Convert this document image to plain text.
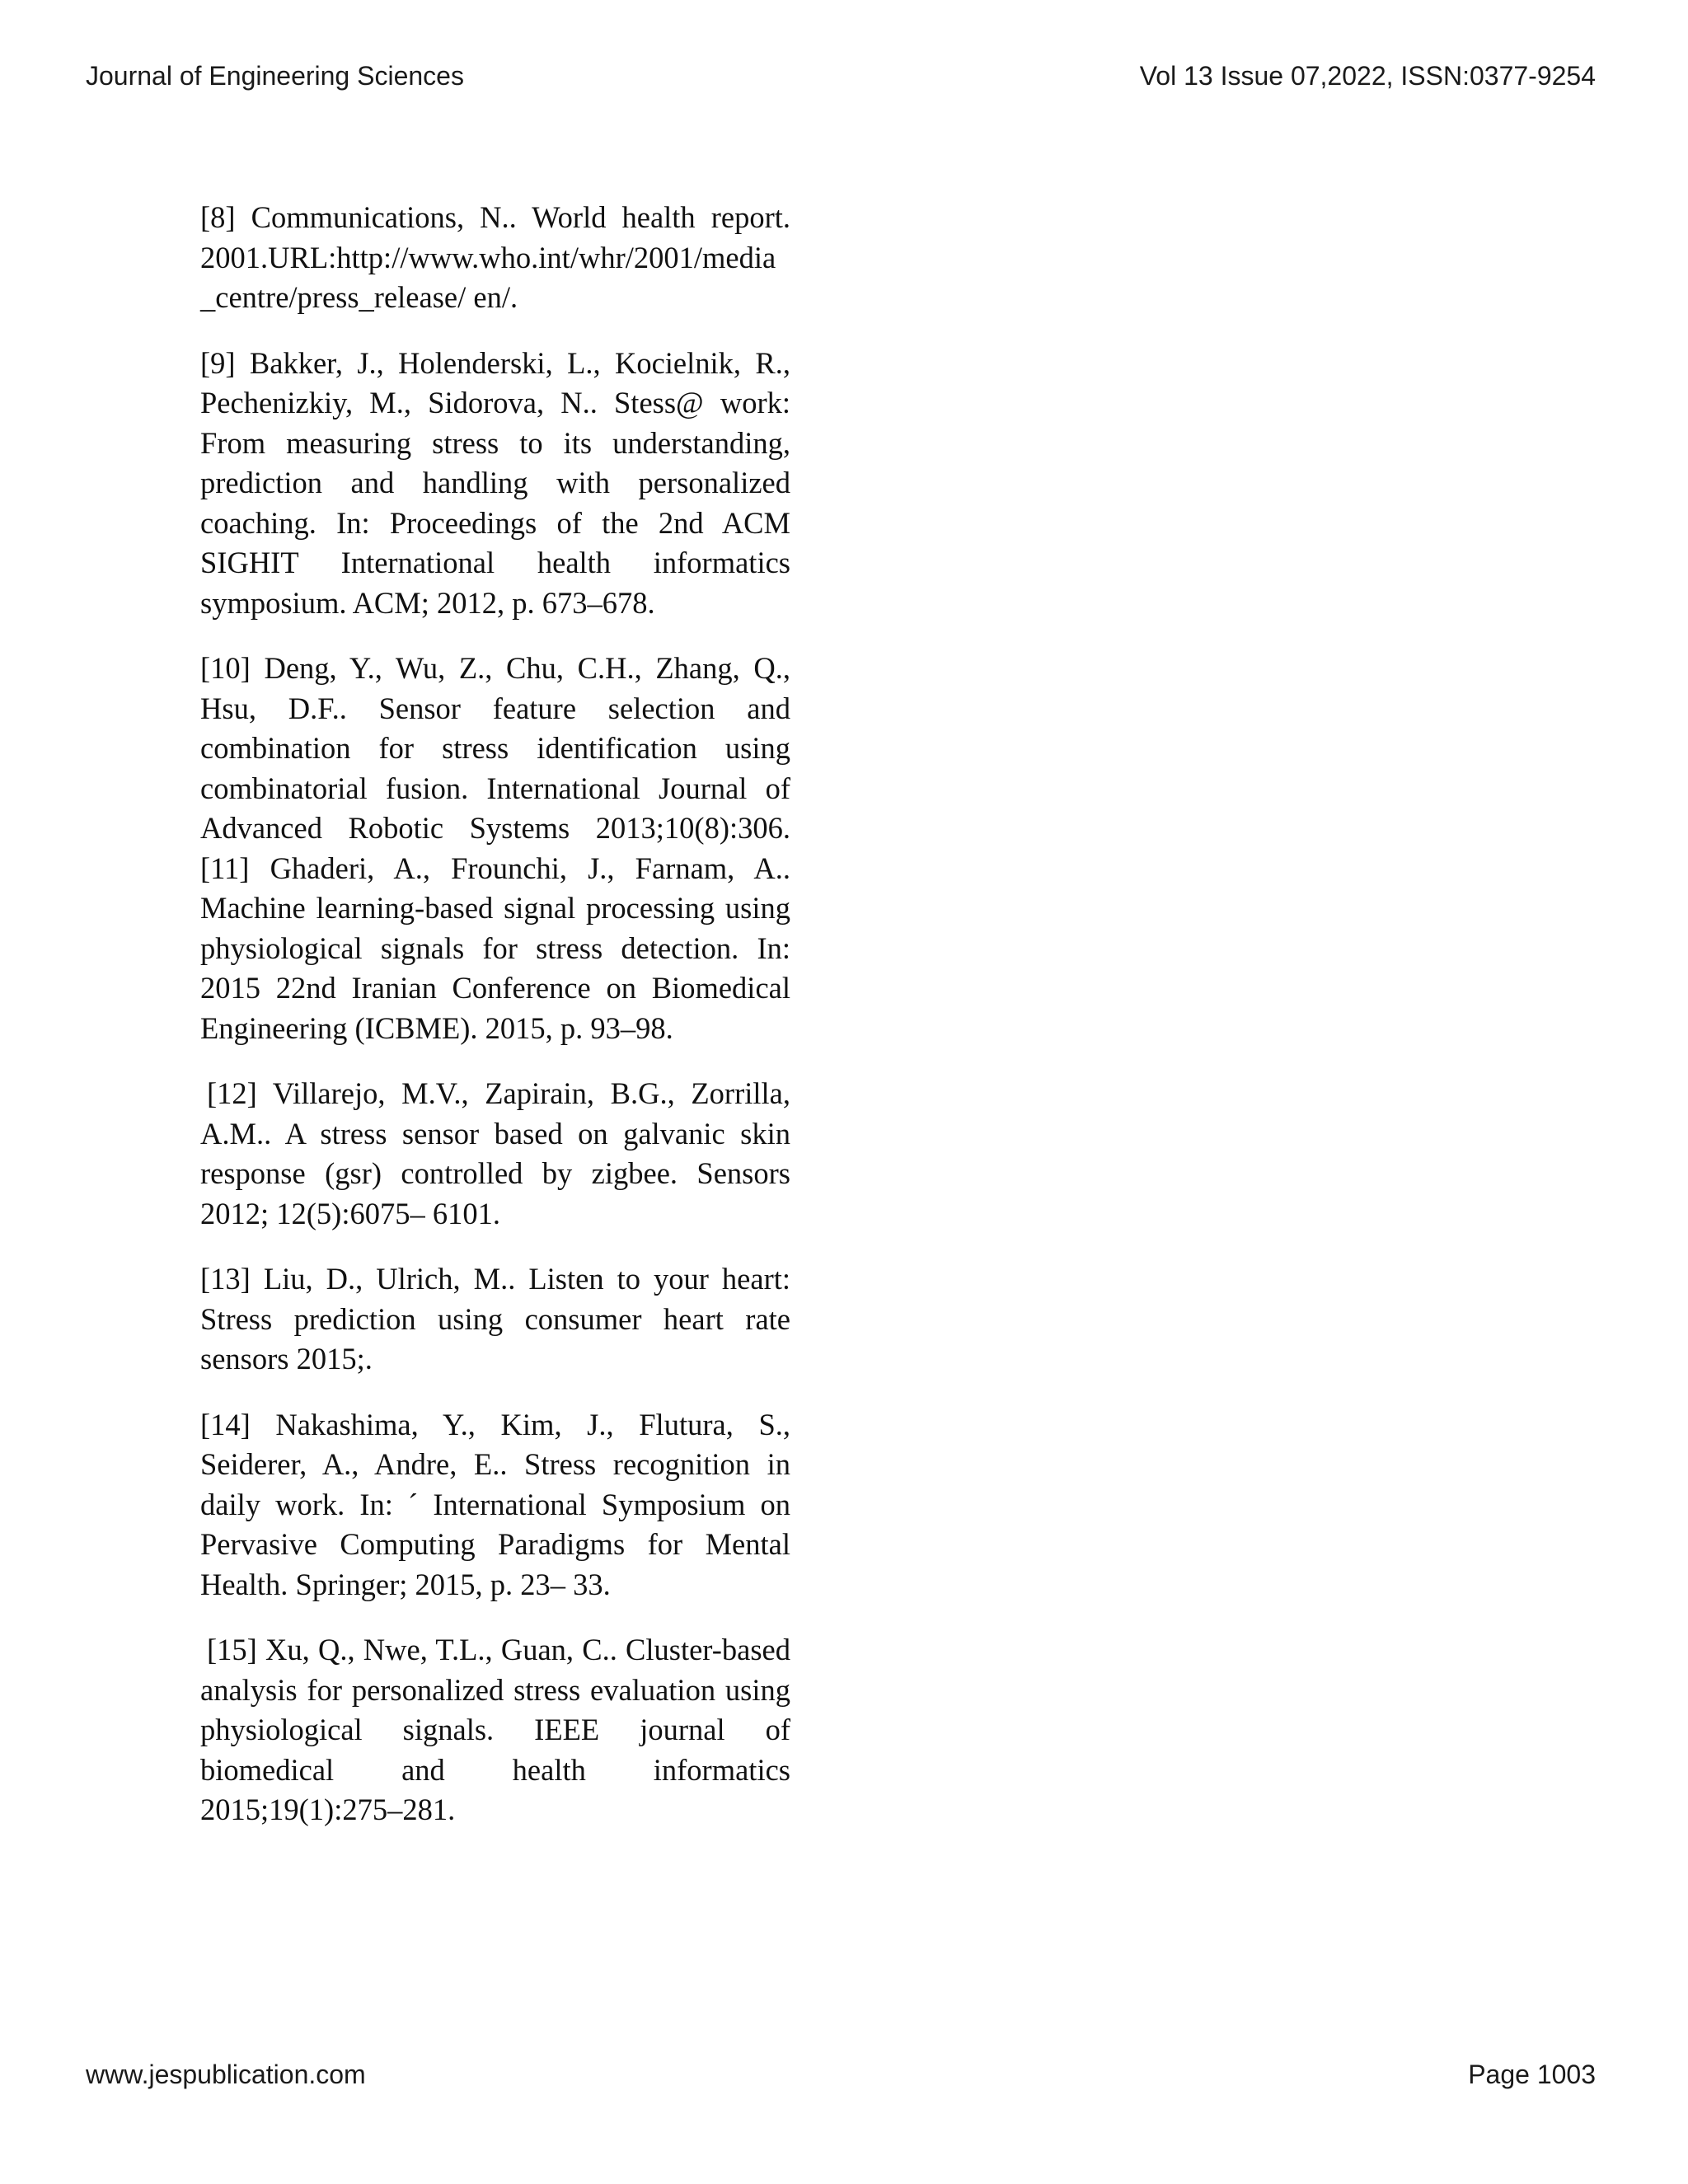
Journal of Engineering Sciences	Vol 13 Issue 07,2022, ISSN:0377-9254
[8] Communications, N.. World health report.
2001.URL:http://www.who.int/whr/2001/media
_centre/press_release/ en/.
[9] Bakker, J., Holenderski, L., Kocielnik, R.,
Pechenizkiy, M., Sidorova, N.. Stess@ work:
From measuring stress to its understanding,
prediction and handling with personalized
coaching. In: Proceedings of the 2nd ACM
SIGHIT International health informatics
symposium. ACM; 2012, p. 673–678.
[10] Deng, Y., Wu, Z., Chu, C.H., Zhang, Q.,
Hsu, D.F.. Sensor feature selection and
combination for stress identification using
combinatorial fusion. International Journal of
Advanced Robotic Systems 2013;10(8):306.
[11] Ghaderi, A., Frounchi, J., Farnam, A..
Machine learning-based signal processing using
physiological signals for stress detection. In:
2015 22nd Iranian Conference on Biomedical
Engineering (ICBME). 2015, p. 93–98.
[12] Villarejo, M.V., Zapirain, B.G., Zorrilla,
A.M.. A stress sensor based on galvanic skin
response (gsr) controlled by zigbee. Sensors
2012; 12(5):6075– 6101.
[13] Liu, D., Ulrich, M.. Listen to your heart:
Stress prediction using consumer heart rate
sensors 2015;.
[14] Nakashima, Y., Kim, J., Flutura, S.,
Seiderer, A., Andre, E.. Stress recognition in
daily work. In: ´ International Symposium on
Pervasive Computing Paradigms for Mental
Health. Springer; 2015, p. 23– 33.
[15] Xu, Q., Nwe, T.L., Guan, C.. Cluster-based
analysis for personalized stress evaluation using
physiological signals. IEEE journal of
biomedical and health informatics
2015;19(1):275–281.
www.jespublication.com	Page 1003
